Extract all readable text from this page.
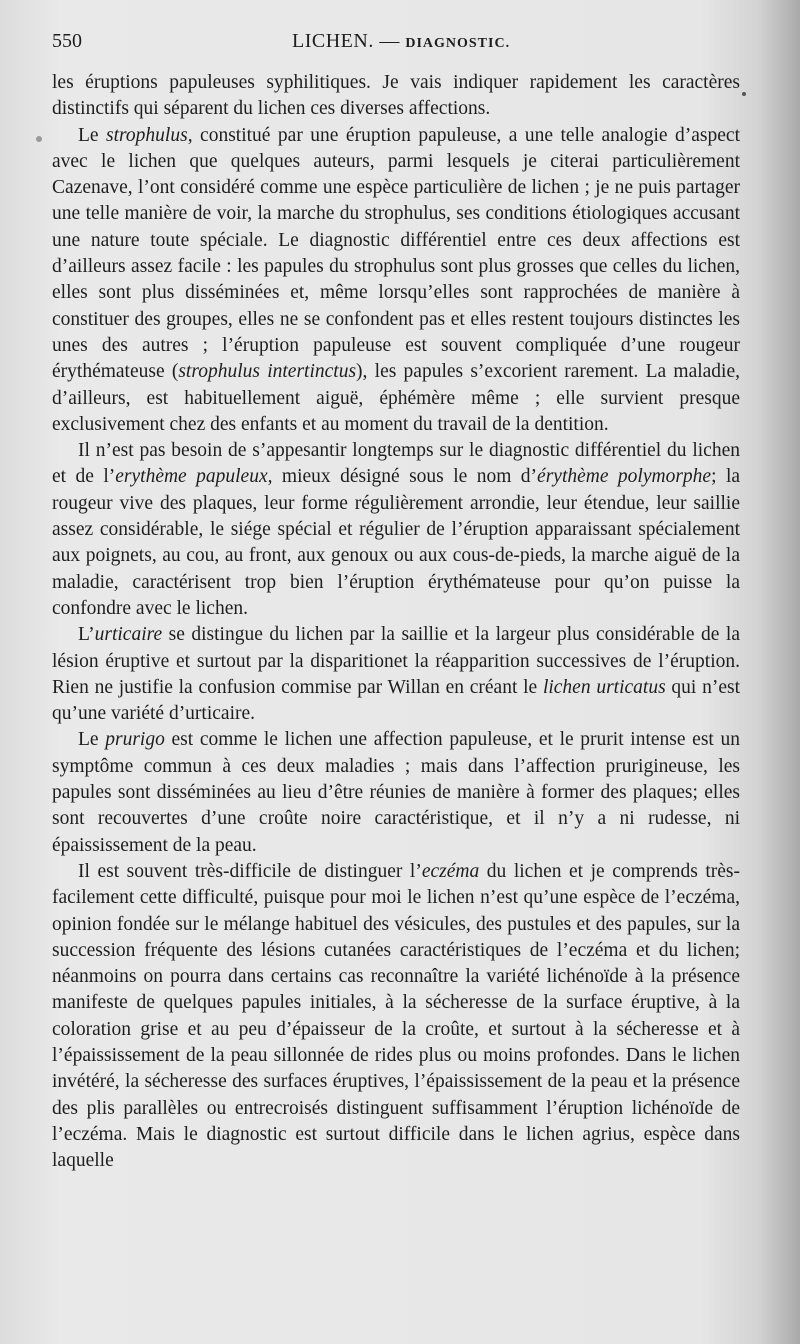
550	LICHEN. — DIAGNOSTIC.

les éruptions papuleuses syphilitiques. Je vais indiquer rapidement les caractères distinctifs qui séparent du lichen ces diverses affections.

Le strophulus, constitué par une éruption papuleuse, a une telle analogie d’aspect avec le lichen que quelques auteurs, parmi lesquels je citerai particulièrement Cazenave, l’ont considéré comme une espèce particulière de lichen ; je ne puis partager une telle manière de voir, la marche du strophulus, ses conditions étiologiques accusant une nature toute spéciale. Le diagnostic différentiel entre ces deux affections est d’ailleurs assez facile : les papules du strophulus sont plus grosses que celles du lichen, elles sont plus disséminées et, même lorsqu’elles sont rapprochées de manière à constituer des groupes, elles ne se confondent pas et elles restent toujours distinctes les unes des autres ; l’éruption papuleuse est souvent compliquée d’une rougeur érythémateuse (strophulus intertinctus), les papules s’excorient rarement. La maladie, d’ailleurs, est habituellement aiguë, éphémère même ; elle survient presque exclusivement chez des enfants et au moment du travail de la dentition.

Il n’est pas besoin de s’appesantir longtemps sur le diagnostic différentiel du lichen et de l’erythème papuleux, mieux désigné sous le nom d’érythème polymorphe; la rougeur vive des plaques, leur forme régulièrement arrondie, leur étendue, leur saillie assez considérable, le siége spécial et régulier de l’éruption apparaissant spécialement aux poignets, au cou, au front, aux genoux ou aux cous-de-pieds, la marche aiguë de la maladie, caractérisent trop bien l’éruption érythémateuse pour qu’on puisse la confondre avec le lichen.

L’urticaire se distingue du lichen par la saillie et la largeur plus considérable de la lésion éruptive et surtout par la disparitionet la réapparition successives de l’éruption. Rien ne justifie la confusion commise par Willan en créant le lichen urticatus qui n’est qu’une variété d’urticaire.

Le prurigo est comme le lichen une affection papuleuse, et le prurit intense est un symptôme commun à ces deux maladies ; mais dans l’affection prurigineuse, les papules sont disséminées au lieu d’être réunies de manière à former des plaques; elles sont recouvertes d’une croûte noire caractéristique, et il n’y a ni rudesse, ni épaississement de la peau.

Il est souvent très-difficile de distinguer l’eczéma du lichen et je comprends très-facilement cette difficulté, puisque pour moi le lichen n’est qu’une espèce de l’eczéma, opinion fondée sur le mélange habituel des vésicules, des pustules et des papules, sur la succession fréquente des lésions cutanées caractéristiques de l’eczéma et du lichen; néanmoins on pourra dans certains cas reconnaître la variété lichénoïde à la présence manifeste de quelques papules initiales, à la sécheresse de la surface éruptive, à la coloration grise et au peu d’épaisseur de la croûte, et surtout à la sécheresse et à l’épaississement de la peau sillonnée de rides plus ou moins profondes. Dans le lichen invétéré, la sécheresse des surfaces éruptives, l’épaississement de la peau et la présence des plis parallèles ou entrecroisés distinguent suffisamment l’éruption lichénoïde de l’eczéma. Mais le diagnostic est surtout difficile dans le lichen agrius, espèce dans laquelle
